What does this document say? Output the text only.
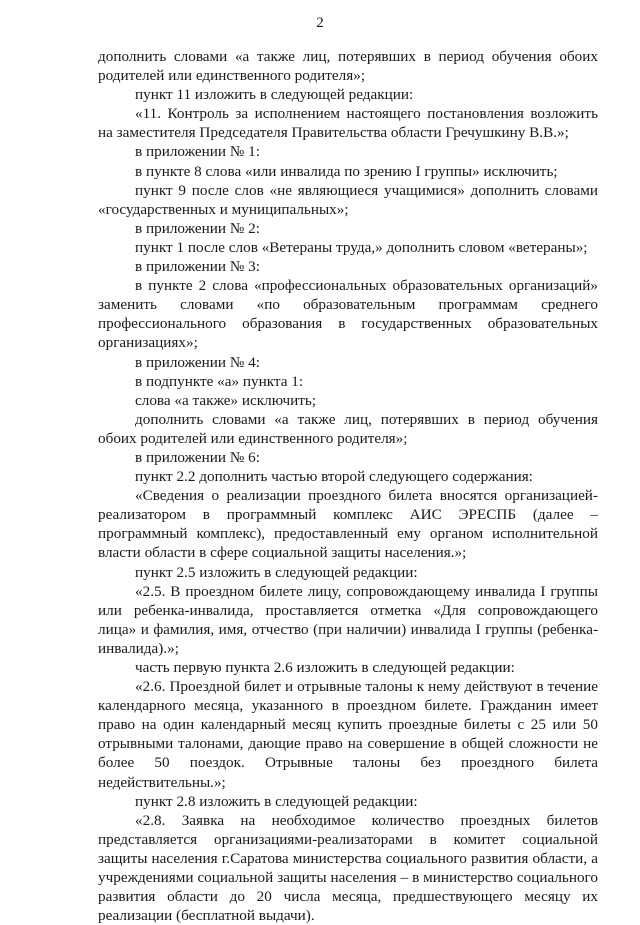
2

дополнить словами «а также лиц, потерявших в период обучения обоих родителей или единственного родителя»;

пункт 11 изложить в следующей редакции:

«11. Контроль за исполнением настоящего постановления возложить на заместителя Председателя Правительства области Гречушкину В.В.»;

в приложении № 1:

в пункте 8 слова «или инвалида по зрению I группы» исключить;

пункт 9 после слов «не являющиеся учащимися» дополнить словами «государственных и муниципальных»;

в приложении № 2:

пункт 1 после слов «Ветераны труда,» дополнить словом «ветераны»;

в приложении № 3:

в пункте 2 слова «профессиональных образовательных организаций» заменить словами «по образовательным программам среднего профессионального образования в государственных образовательных организациях»;

в приложении № 4:

в подпункте «а» пункта 1:

слова «а также» исключить;

дополнить словами «а также лиц, потерявших в период обучения обоих родителей или единственного родителя»;

в приложении № 6:

пункт 2.2 дополнить частью второй следующего содержания:

«Сведения о реализации проездного билета вносятся организацией-реализатором в программный комплекс АИС ЭРЕСПБ (далее – программный комплекс), предоставленный ему органом исполнительной власти области в сфере социальной защиты населения.»;

пункт 2.5 изложить в следующей редакции:

«2.5. В проездном билете лицу, сопровождающему инвалида I группы или ребенка-инвалида, проставляется отметка «Для сопровождающего лица» и фамилия, имя, отчество (при наличии) инвалида I группы (ребенка-инвалида).»;

часть первую пункта 2.6 изложить в следующей редакции:

«2.6. Проездной билет и отрывные талоны к нему действуют в течение календарного месяца, указанного в проездном билете. Гражданин имеет право на один календарный месяц купить проездные билеты с 25 или 50 отрывными талонами, дающие право на совершение в общей сложности не более 50 поездок. Отрывные талоны без проездного билета недействительны.»;

пункт 2.8 изложить в следующей редакции:

«2.8. Заявка на необходимое количество проездных билетов представляется организациями-реализаторами в комитет социальной защиты населения г.Саратова министерства социального развития области, а учреждениями социальной защиты населения – в министерство социального развития области до 20 числа месяца, предшествующего месяцу их реализации (бесплатной выдачи).
